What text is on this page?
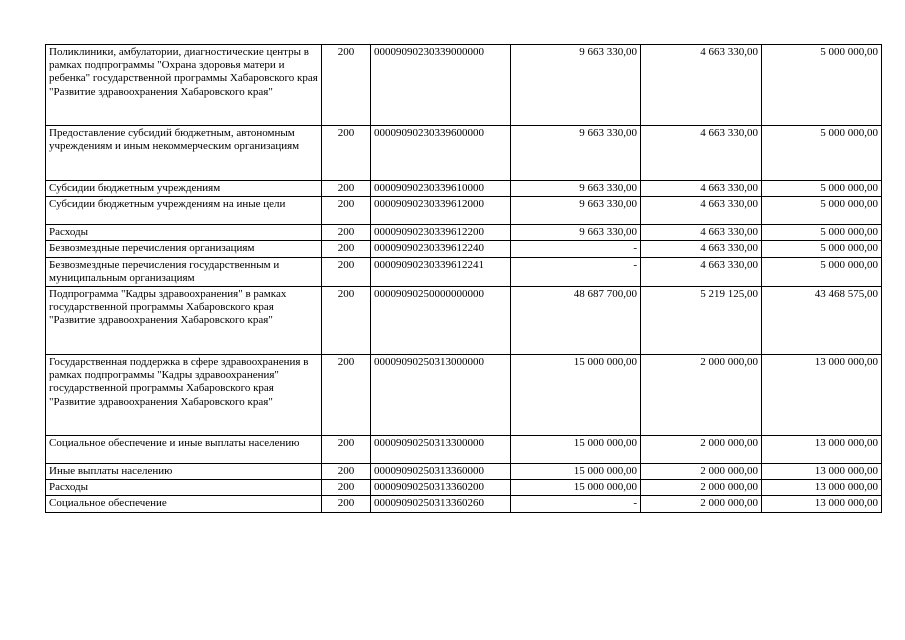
Поликлиники, амбулатории, диагностические центры в рамках подпрограммы "Охрана здоровья матери и ребенка" государственной программы Хабаровского края "Развитие здравоохранения Хабаровского края"	200	00009090230339000000	9 663 330,00	4 663 330,00	5 000 000,00
Предоставление субсидий бюджетным, автономным учреждениям и иным некоммерческим организациям	200	00009090230339600000	9 663 330,00	4 663 330,00	5 000 000,00
Субсидии бюджетным учреждениям	200	00009090230339610000	9 663 330,00	4 663 330,00	5 000 000,00
Субсидии бюджетным учреждениям на иные цели	200	00009090230339612000	9 663 330,00	4 663 330,00	5 000 000,00
Расходы	200	00009090230339612200	9 663 330,00	4 663 330,00	5 000 000,00
Безвозмездные перечисления организациям	200	00009090230339612240	-	4 663 330,00	5 000 000,00
Безвозмездные перечисления государственным и муниципальным организациям	200	00009090230339612241	-	4 663 330,00	5 000 000,00
Подпрограмма "Кадры здравоохранения" в рамках государственной программы Хабаровского края "Развитие здравоохранения Хабаровского края"	200	00009090250000000000	48 687 700,00	5 219 125,00	43 468 575,00
Государственная поддержка в сфере здравоохранения в рамках подпрограммы "Кадры здравоохранения" государственной программы Хабаровского края "Развитие здравоохранения Хабаровского края"	200	00009090250313000000	15 000 000,00	2 000 000,00	13 000 000,00
Социальное обеспечение и иные выплаты населению	200	00009090250313300000	15 000 000,00	2 000 000,00	13 000 000,00
Иные выплаты населению	200	00009090250313360000	15 000 000,00	2 000 000,00	13 000 000,00
Расходы	200	00009090250313360200	15 000 000,00	2 000 000,00	13 000 000,00
Социальное обеспечение	200	00009090250313360260	-	2 000 000,00	13 000 000,00
